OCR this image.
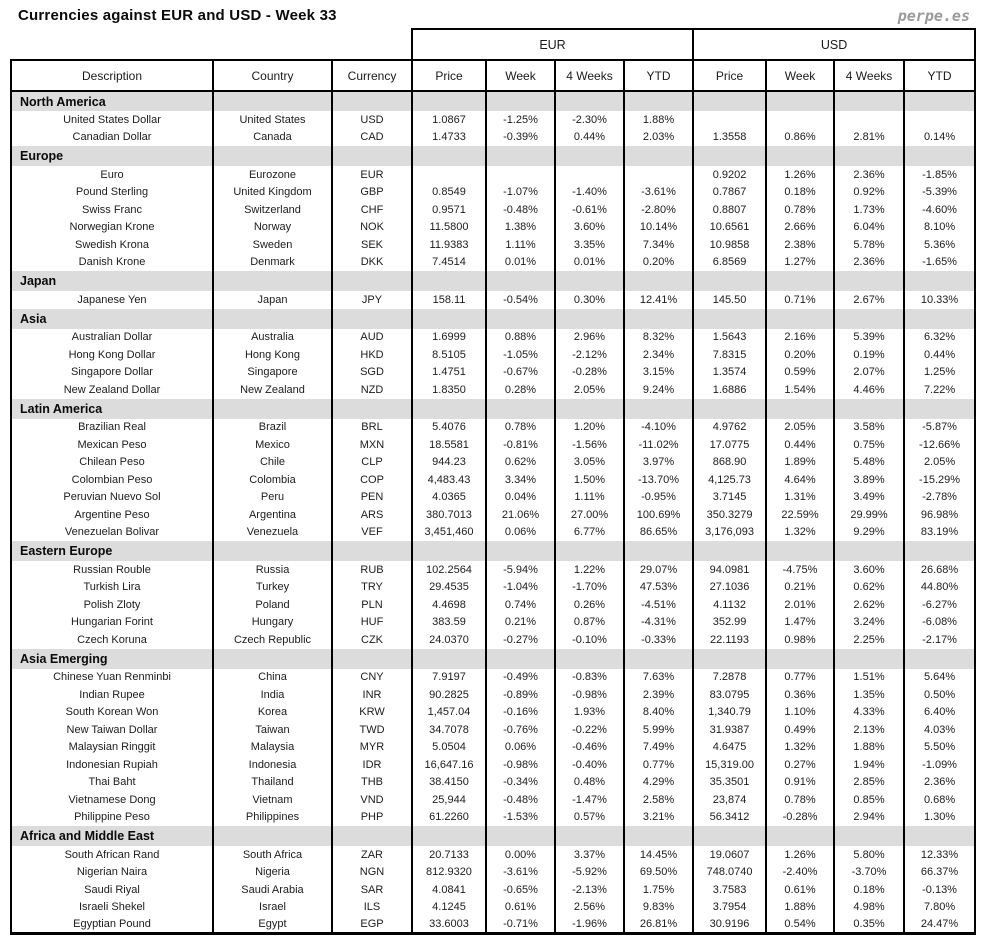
Currencies against EUR and USD - Week 33	perpe.es
			EUR				USD			
Description	Country	Currency	Price	Week	4 Weeks	YTD	Price	Week	4 Weeks	YTD
North America										
United States Dollar	United States	USD	1.0867	-1.25%	-2.30%	1.88%				
Canadian Dollar	Canada	CAD	1.4733	-0.39%	0.44%	2.03%	1.3558	0.86%	2.81%	0.14%
Europe										
Euro	Eurozone	EUR					0.9202	1.26%	2.36%	-1.85%
Pound Sterling	United Kingdom	GBP	0.8549	-1.07%	-1.40%	-3.61%	0.7867	0.18%	0.92%	-5.39%
Swiss Franc	Switzerland	CHF	0.9571	-0.48%	-0.61%	-2.80%	0.8807	0.78%	1.73%	-4.60%
Norwegian Krone	Norway	NOK	11.5800	1.38%	3.60%	10.14%	10.6561	2.66%	6.04%	8.10%
Swedish Krona	Sweden	SEK	11.9383	1.11%	3.35%	7.34%	10.9858	2.38%	5.78%	5.36%
Danish Krone	Denmark	DKK	7.4514	0.01%	0.01%	0.20%	6.8569	1.27%	2.36%	-1.65%
Japan										
Japanese Yen	Japan	JPY	158.11	-0.54%	0.30%	12.41%	145.50	0.71%	2.67%	10.33%
Asia										
Australian Dollar	Australia	AUD	1.6999	0.88%	2.96%	8.32%	1.5643	2.16%	5.39%	6.32%
Hong Kong Dollar	Hong Kong	HKD	8.5105	-1.05%	-2.12%	2.34%	7.8315	0.20%	0.19%	0.44%
Singapore Dollar	Singapore	SGD	1.4751	-0.67%	-0.28%	3.15%	1.3574	0.59%	2.07%	1.25%
New Zealand Dollar	New Zealand	NZD	1.8350	0.28%	2.05%	9.24%	1.6886	1.54%	4.46%	7.22%
Latin America										
Brazilian Real	Brazil	BRL	5.4076	0.78%	1.20%	-4.10%	4.9762	2.05%	3.58%	-5.87%
Mexican Peso	Mexico	MXN	18.5581	-0.81%	-1.56%	-11.02%	17.0775	0.44%	0.75%	-12.66%
Chilean Peso	Chile	CLP	944.23	0.62%	3.05%	3.97%	868.90	1.89%	5.48%	2.05%
Colombian Peso	Colombia	COP	4,483.43	3.34%	1.50%	-13.70%	4,125.73	4.64%	3.89%	-15.29%
Peruvian Nuevo Sol	Peru	PEN	4.0365	0.04%	1.11%	-0.95%	3.7145	1.31%	3.49%	-2.78%
Argentine Peso	Argentina	ARS	380.7013	21.06%	27.00%	100.69%	350.3279	22.59%	29.99%	96.98%
Venezuelan Bolivar	Venezuela	VEF	3,451,460	0.06%	6.77%	86.65%	3,176,093	1.32%	9.29%	83.19%
Eastern Europe										
Russian Rouble	Russia	RUB	102.2564	-5.94%	1.22%	29.07%	94.0981	-4.75%	3.60%	26.68%
Turkish Lira	Turkey	TRY	29.4535	-1.04%	-1.70%	47.53%	27.1036	0.21%	0.62%	44.80%
Polish Zloty	Poland	PLN	4.4698	0.74%	0.26%	-4.51%	4.1132	2.01%	2.62%	-6.27%
Hungarian Forint	Hungary	HUF	383.59	0.21%	0.87%	-4.31%	352.99	1.47%	3.24%	-6.08%
Czech Koruna	Czech Republic	CZK	24.0370	-0.27%	-0.10%	-0.33%	22.1193	0.98%	2.25%	-2.17%
Asia Emerging										
Chinese Yuan Renminbi	China	CNY	7.9197	-0.49%	-0.83%	7.63%	7.2878	0.77%	1.51%	5.64%
Indian Rupee	India	INR	90.2825	-0.89%	-0.98%	2.39%	83.0795	0.36%	1.35%	0.50%
South Korean Won	Korea	KRW	1,457.04	-0.16%	1.93%	8.40%	1,340.79	1.10%	4.33%	6.40%
New Taiwan Dollar	Taiwan	TWD	34.7078	-0.76%	-0.22%	5.99%	31.9387	0.49%	2.13%	4.03%
Malaysian Ringgit	Malaysia	MYR	5.0504	0.06%	-0.46%	7.49%	4.6475	1.32%	1.88%	5.50%
Indonesian Rupiah	Indonesia	IDR	16,647.16	-0.98%	-0.40%	0.77%	15,319.00	0.27%	1.94%	-1.09%
Thai Baht	Thailand	THB	38.4150	-0.34%	0.48%	4.29%	35.3501	0.91%	2.85%	2.36%
Vietnamese Dong	Vietnam	VND	25,944	-0.48%	-1.47%	2.58%	23,874	0.78%	0.85%	0.68%
Philippine Peso	Philippines	PHP	61.2260	-1.53%	0.57%	3.21%	56.3412	-0.28%	2.94%	1.30%
Africa and Middle East										
South African Rand	South Africa	ZAR	20.7133	0.00%	3.37%	14.45%	19.0607	1.26%	5.80%	12.33%
Nigerian Naira	Nigeria	NGN	812.9320	-3.61%	-5.92%	69.50%	748.0740	-2.40%	-3.70%	66.37%
Saudi Riyal	Saudi Arabia	SAR	4.0841	-0.65%	-2.13%	1.75%	3.7583	0.61%	0.18%	-0.13%
Israeli Shekel	Israel	ILS	4.1245	0.61%	2.56%	9.83%	3.7954	1.88%	4.98%	7.80%
Egyptian Pound	Egypt	EGP	33.6003	-0.71%	-1.96%	26.81%	30.9196	0.54%	0.35%	24.47%
